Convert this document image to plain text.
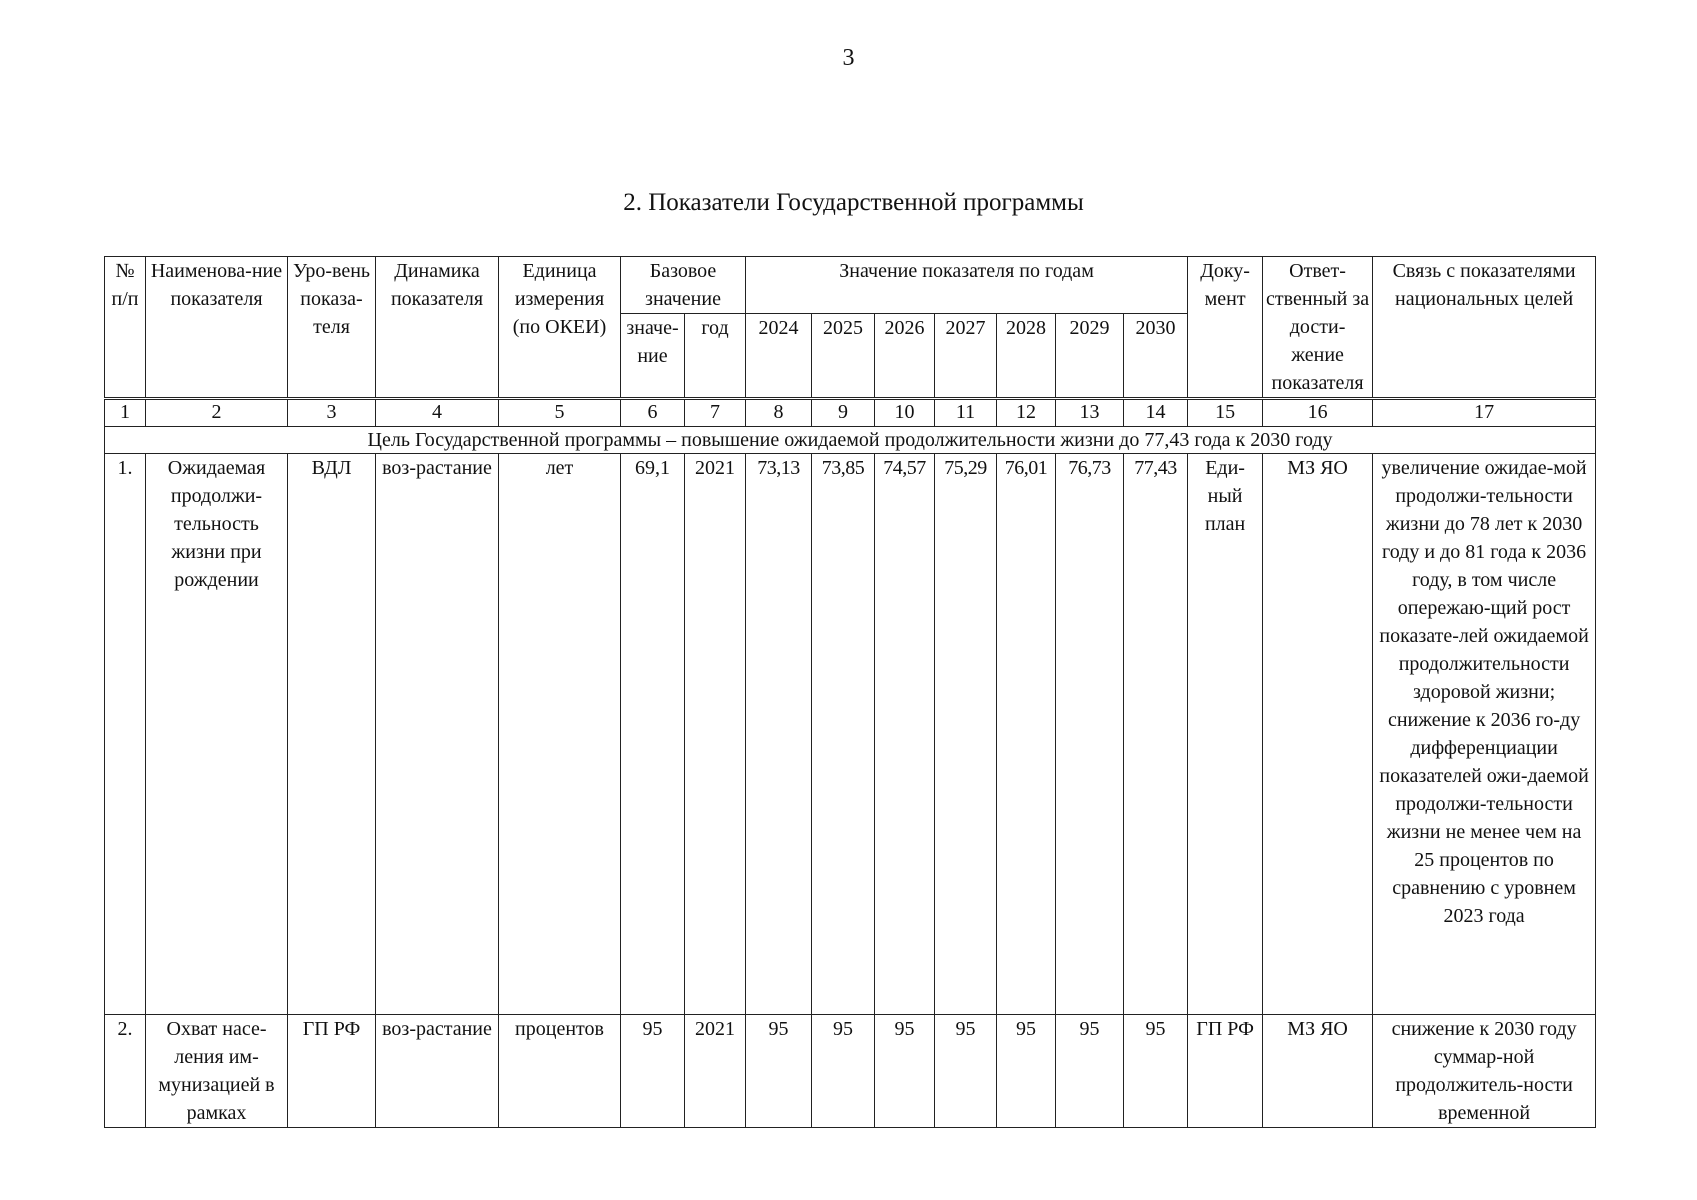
3
2. Показатели Государственной программы
№ п/п	Наименова-ние показателя	Уро-вень показа-теля	Динамика показателя	Единица измерения (по ОКЕИ)	Базовое значение		Значение показателя по годам							Доку-мент	Ответ-ственный за дости-жение показателя	Связь с показателями национальных целей
					значе-ние	год	2024	2025	2026	2027	2028	2029	2030			
1	2	3	4	5	6	7	8	9	10	11	12	13	14	15	16	17
Цель Государственной программы – повышение ожидаемой продолжительности жизни до 77,43 года к 2030 году																
1.	Ожидаемая продолжи-тельность жизни при рождении	ВДЛ	воз-растание	лет	69,1	2021	73,13	73,85	74,57	75,29	76,01	76,73	77,43	Еди-ный план	МЗ ЯО	увеличение ожидае-мой продолжи-тельности жизни до 78 лет к 2030 году и до 81 года к 2036 году, в том числе опережаю-щий рост показате-лей ожидаемой продолжительности здоровой жизни; снижение к 2036 го-ду дифференциации показателей ожи-даемой продолжи-тельности жизни не менее чем на 25 процентов по сравнению с уровнем 2023 года
2.	Охват насе-ления им-мунизацией в рамках	ГП РФ	воз-растание	процентов	95	2021	95	95	95	95	95	95	95	ГП РФ	МЗ ЯО	снижение к 2030 году суммар-ной продолжитель-ности временной
